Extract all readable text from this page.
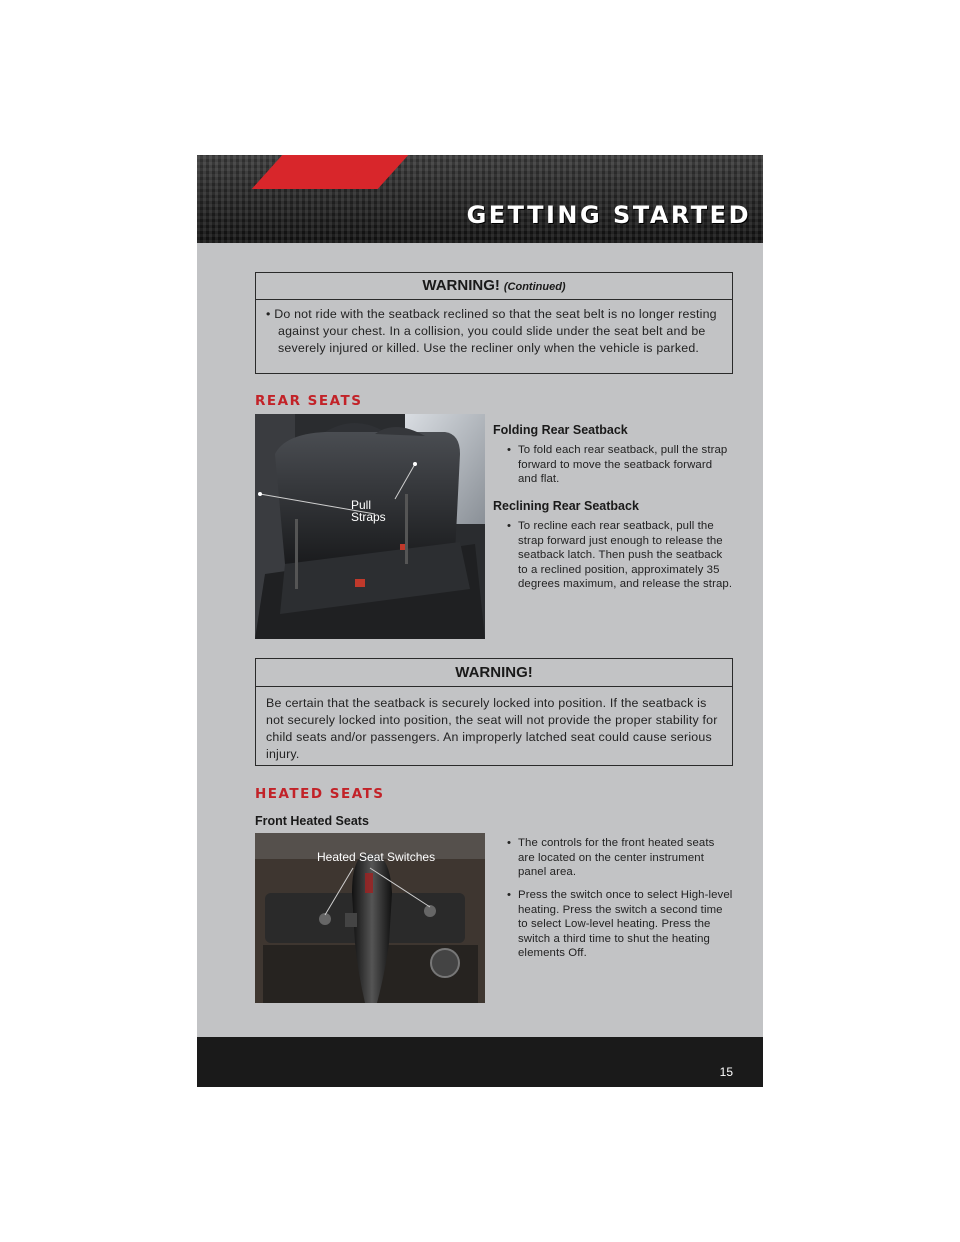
GETTING STARTED
WARNING! (Continued)
• Do not ride with the seatback reclined so that the seat belt is no longer resting against your chest. In a collision, you could slide under the seat belt and be severely injured or killed. Use the recliner only when the vehicle is parked.
REAR SEATS
Pull
Straps
Folding Rear Seatback
• To fold each rear seatback, pull the strap forward to move the seatback forward and flat.
Reclining Rear Seatback
• To recline each rear seatback, pull the strap forward just enough to release the seatback latch. Then push the seatback to a reclined position, approximately 35 degrees maximum, and release the strap.
WARNING!
Be certain that the seatback is securely locked into position. If the seatback is not securely locked into position, the seat will not provide the proper stability for child seats and/or passengers. An improperly latched seat could cause serious injury.
HEATED SEATS
Front Heated Seats
Heated Seat Switches
• The controls for the front heated seats are located on the center instrument panel area.
• Press the switch once to select High-level heating. Press the switch a second time to select Low-level heating. Press the switch a third time to shut the heating elements Off.
15
